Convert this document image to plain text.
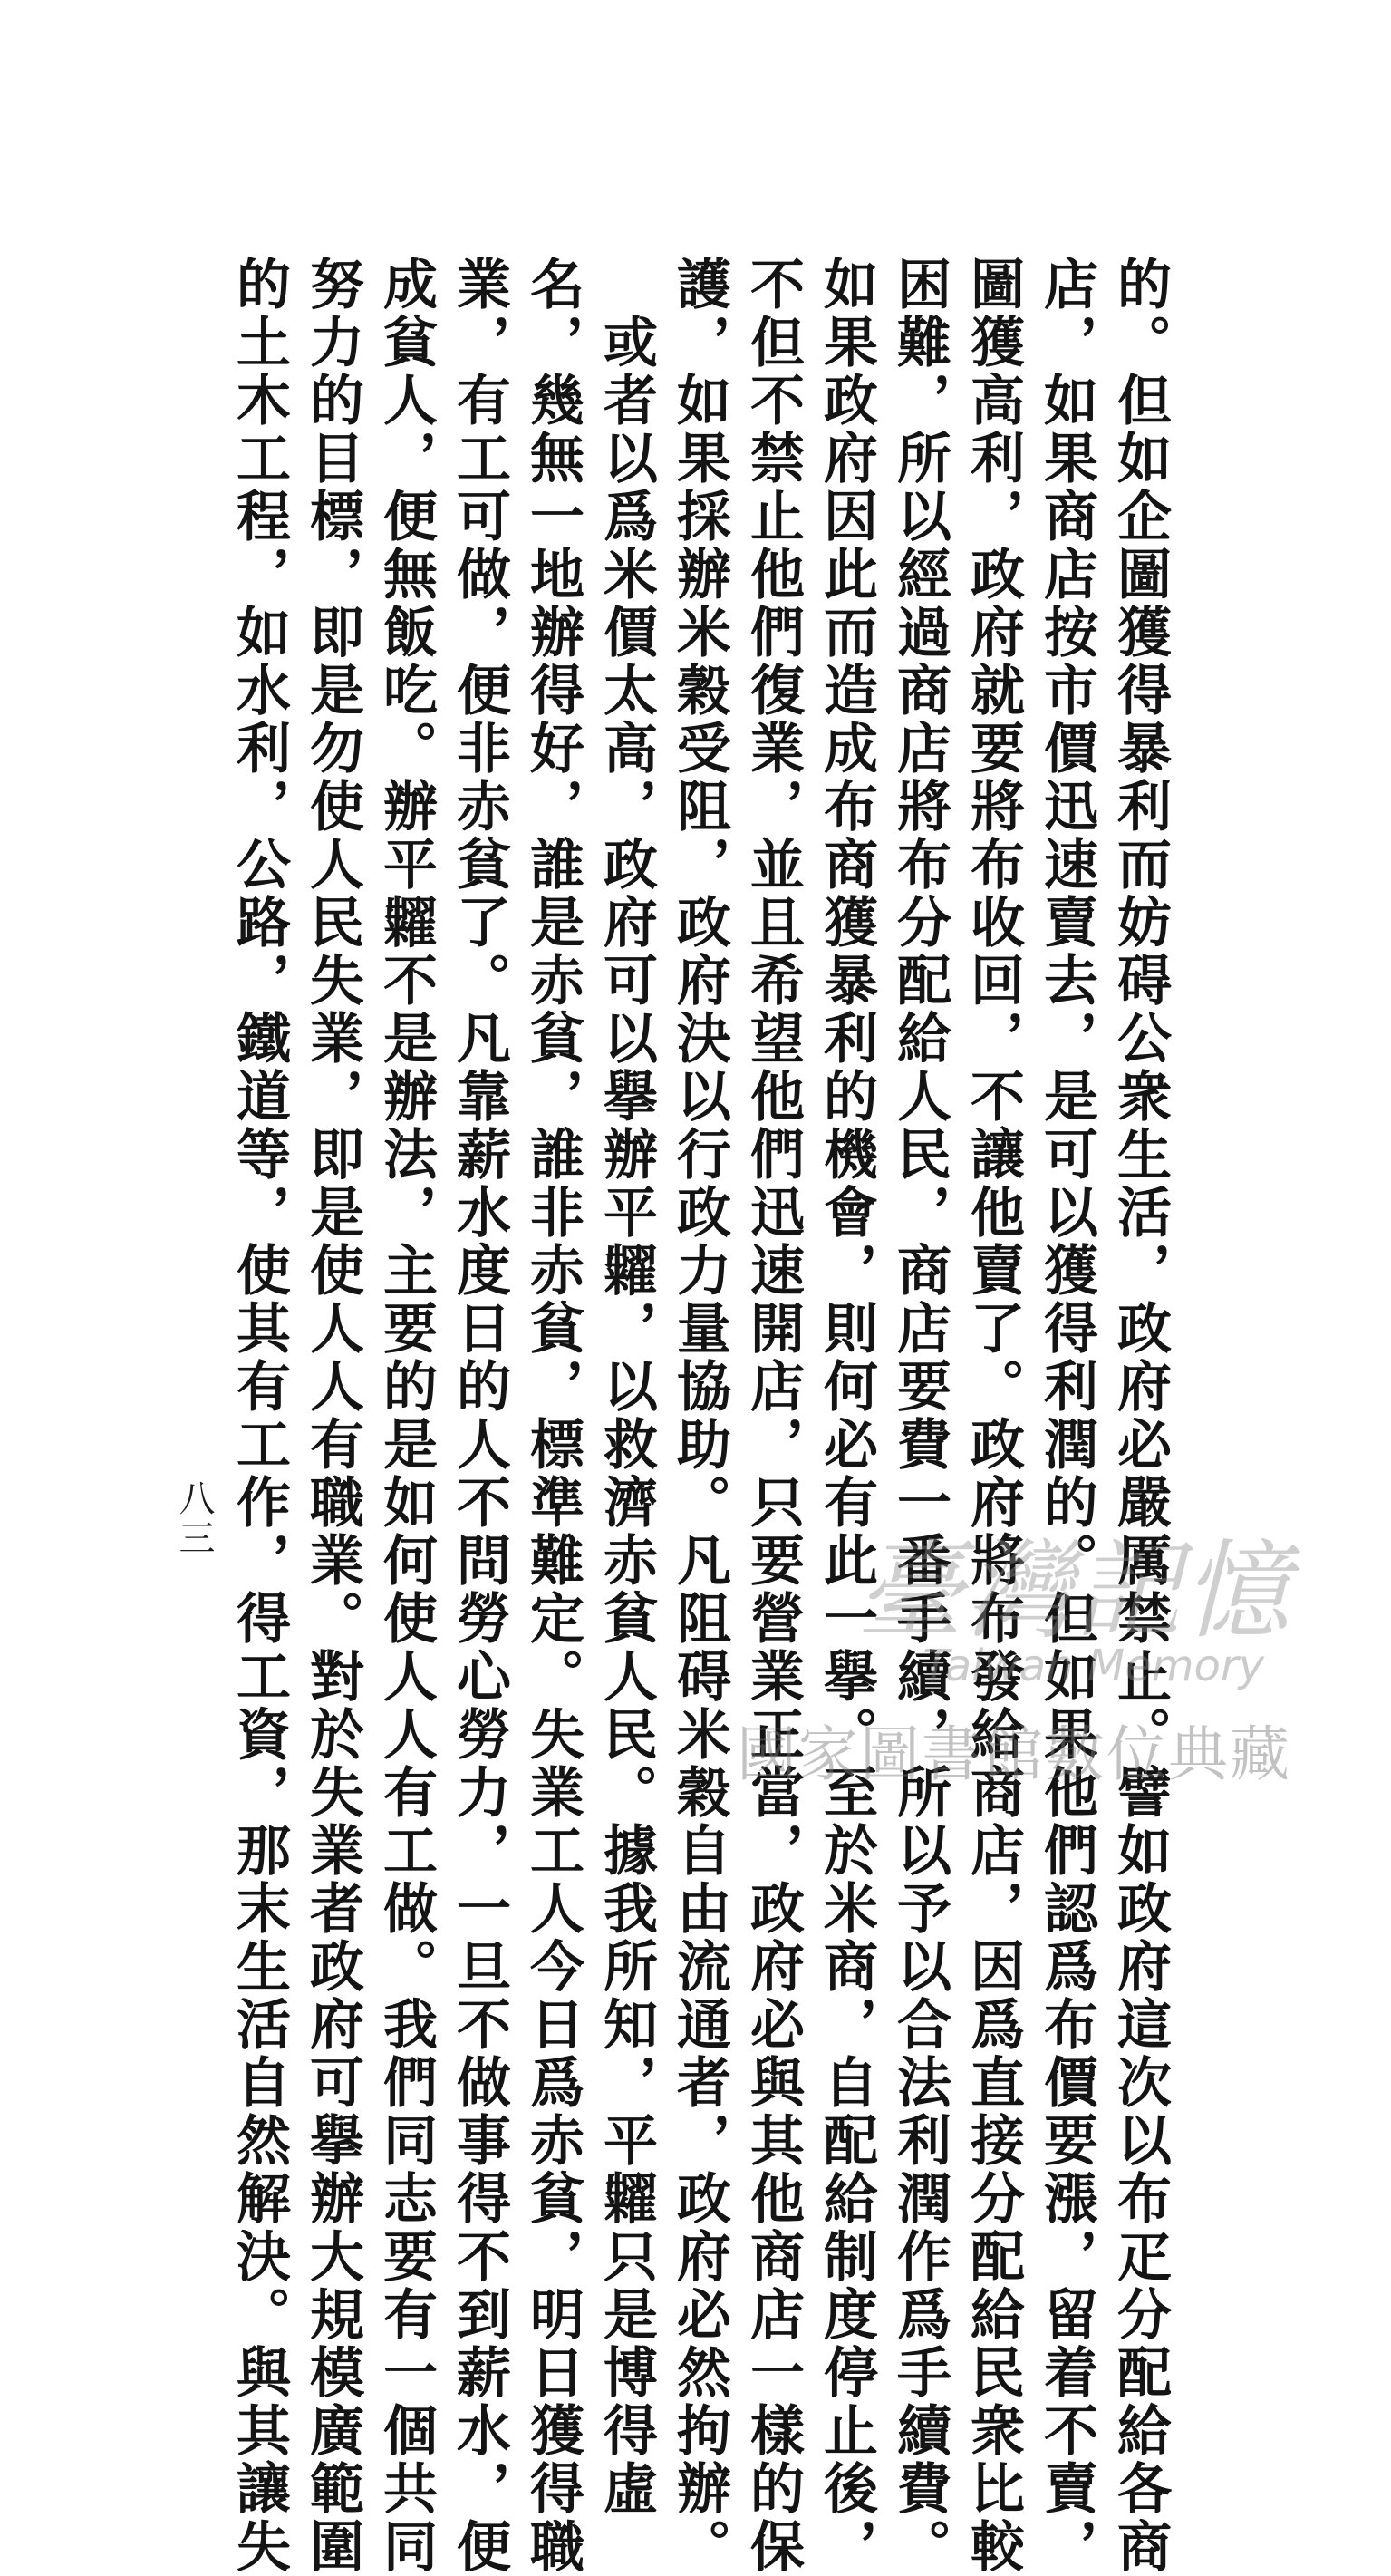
的。但如企圖獲得暴利而妨碍公衆生活，政府必嚴厲禁止。譬如政府這次以布疋分配給各商

店，如果商店按市價迅速賣去，是可以獲得利潤的。但如果他們認爲布價要漲，留着不賣，

圖獲高利，政府就要將布收回，不讓他賣了。政府將布發給商店，因爲直接分配給民衆比較

困難，所以經過商店將布分配給人民，商店要費一番手續，所以予以合法利潤作爲手續費。

如果政府因此而造成布商獲暴利的機會，則何必有此一擧。至於米商，自配給制度停止後，

不但不禁止他們復業，並且希望他們迅速開店，只要營業正當，政府必與其他商店一樣的保

護，如果採辦米穀受阻，政府決以行政力量協助。凡阻碍米穀自由流通者，政府必然拘辦。

　或者以爲米價太高，政府可以擧辦平糶，以救濟赤貧人民。據我所知，平糶只是博得虛

名，幾無一地辦得好，誰是赤貧，誰非赤貧，標準難定。失業工人今日爲赤貧，明日獲得職

業，有工可做，便非赤貧了。凡靠薪水度日的人不問勞心勞力，一旦不做事得不到薪水，便

成貧人，便無飯吃。辦平糶不是辦法，主要的是如何使人人有工做。我們同志要有一個共同

努力的目標，即是勿使人民失業，即是使人人有職業。對於失業者政府可擧辦大規模廣範圍

的土木工程，如水利，公路，鐵道等，使其有工作，得工資，那末生活自然解決。與其讓失

八三
臺灣記憶
Taiwan Memory
國家圖書館數位典藏
